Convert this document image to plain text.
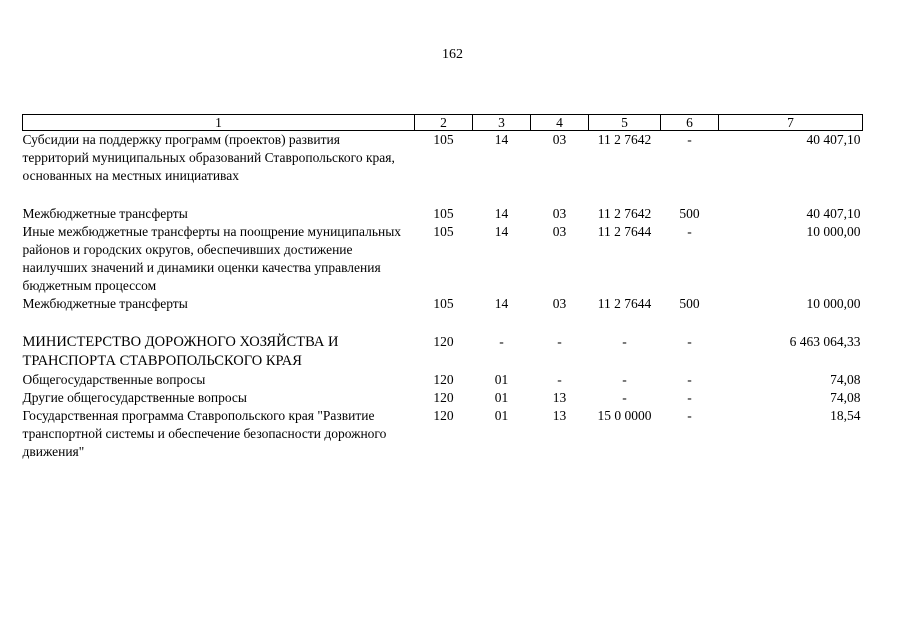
162
1	2	3	4	5	6	7
Субсидии на поддержку программ (проектов) развития территорий муниципальных образований Ставропольского края, основанных на местных инициативах	105	14	03	11 2 7642	-	40 407,10
Межбюджетные трансферты	105	14	03	11 2 7642	500	40 407,10
Иные межбюджетные трансферты на поощрение муниципальных районов и городских округов, обеспечивших достижение наилучших значений и динамики оценки качества управления бюджетным процессом	105	14	03	11 2 7644	-	10 000,00
Межбюджетные трансферты	105	14	03	11 2 7644	500	10 000,00
МИНИСТЕРСТВО ДОРОЖНОГО ХОЗЯЙСТВА И ТРАНСПОРТА СТАВРОПОЛЬСКОГО КРАЯ	120	-	-	-	-	6 463 064,33
Общегосударственные вопросы	120	01	-	-	-	74,08
Другие общегосударственные вопросы	120	01	13	-	-	74,08
Государственная программа Ставропольского края "Развитие транспортной системы и обеспечение безопасности дорожного движения"	120	01	13	15 0 0000	-	18,54
